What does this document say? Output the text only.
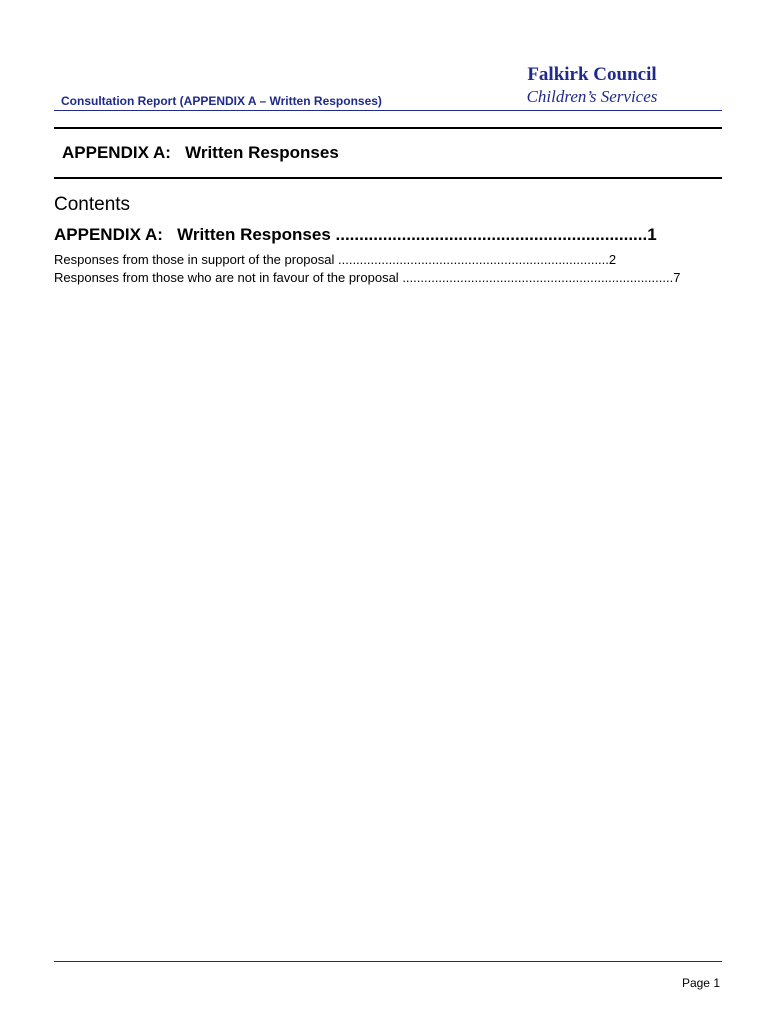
Consultation Report (APPENDIX A – Written Responses)
Falkirk Council
Children’s Services
APPENDIX A:   Written Responses
Contents
APPENDIX A:   Written Responses .................................................................. 1
Responses from those in support of the proposal ........................................................................... 2
Responses from those who are not in favour of the proposal ........................................................................... 7
Page 1
